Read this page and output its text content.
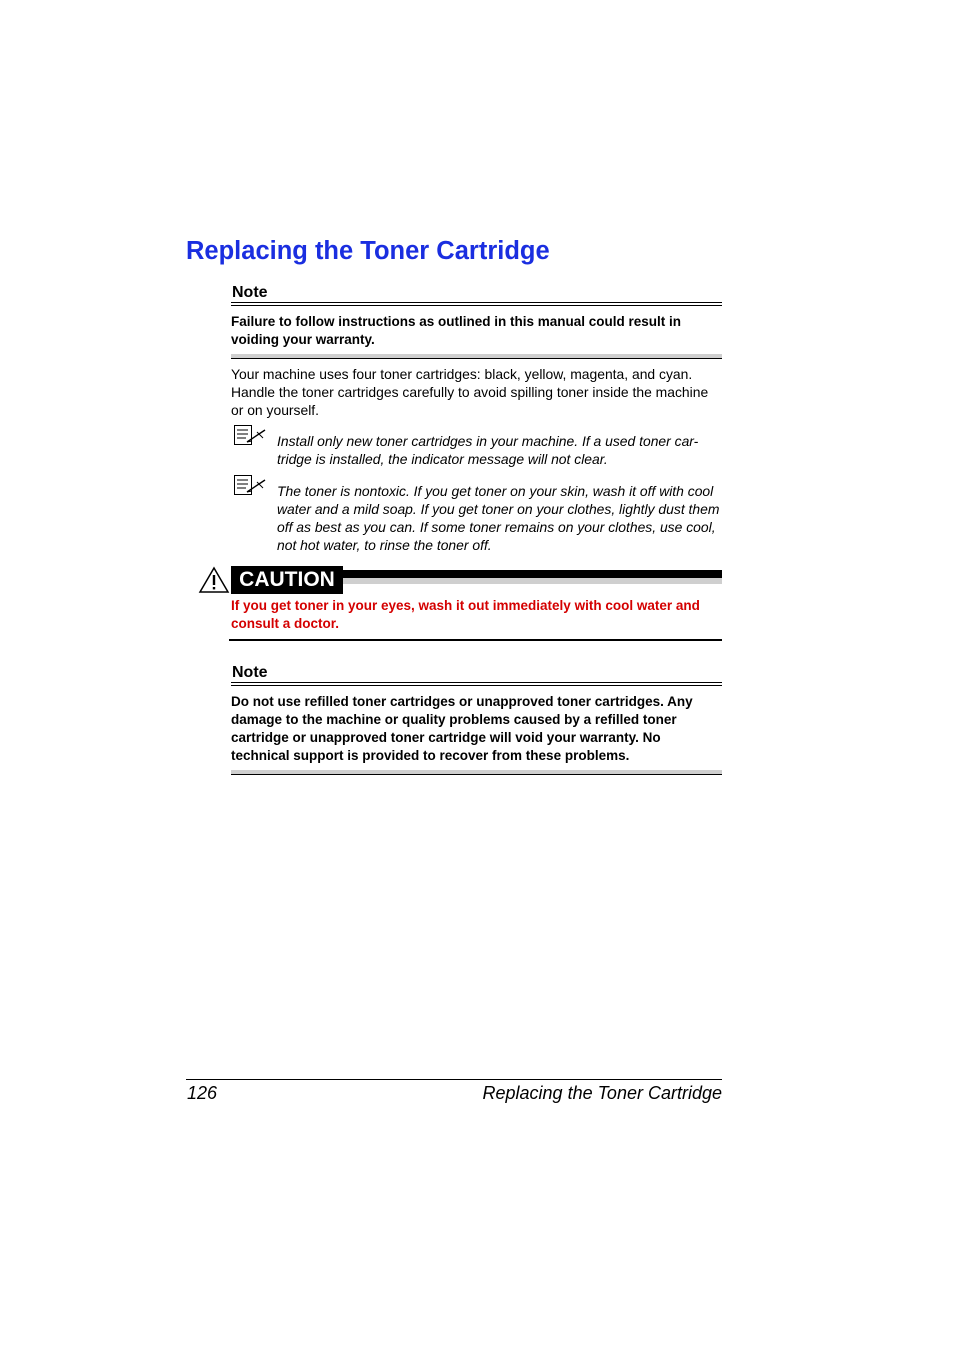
Replacing the Toner Cartridge
Note
Failure to follow instructions as outlined in this manual could result in voiding your warranty.

Your machine uses four toner cartridges: black, yellow, magenta, and cyan. Handle the toner cartridges carefully to avoid spilling toner inside the machine or on yourself.

Install only new toner cartridges in your machine. If a used toner car-
tridge is installed, the indicator message will not clear.
The toner is nontoxic. If you get toner on your skin, wash it off with cool water and a mild soap. If you get toner on your clothes, lightly dust them off as best as you can. If some toner remains on your clothes, use cool, not hot water, to rinse the toner off.
CAUTION
If you get toner in your eyes, wash it out immediately with cool water and consult a doctor.
Note
Do not use refilled toner cartridges or unapproved toner cartridges. Any damage to the machine or quality problems caused by a refilled toner cartridge or unapproved toner cartridge will void your warranty. No technical support is provided to recover from these problems.
126	Replacing the Toner Cartridge
